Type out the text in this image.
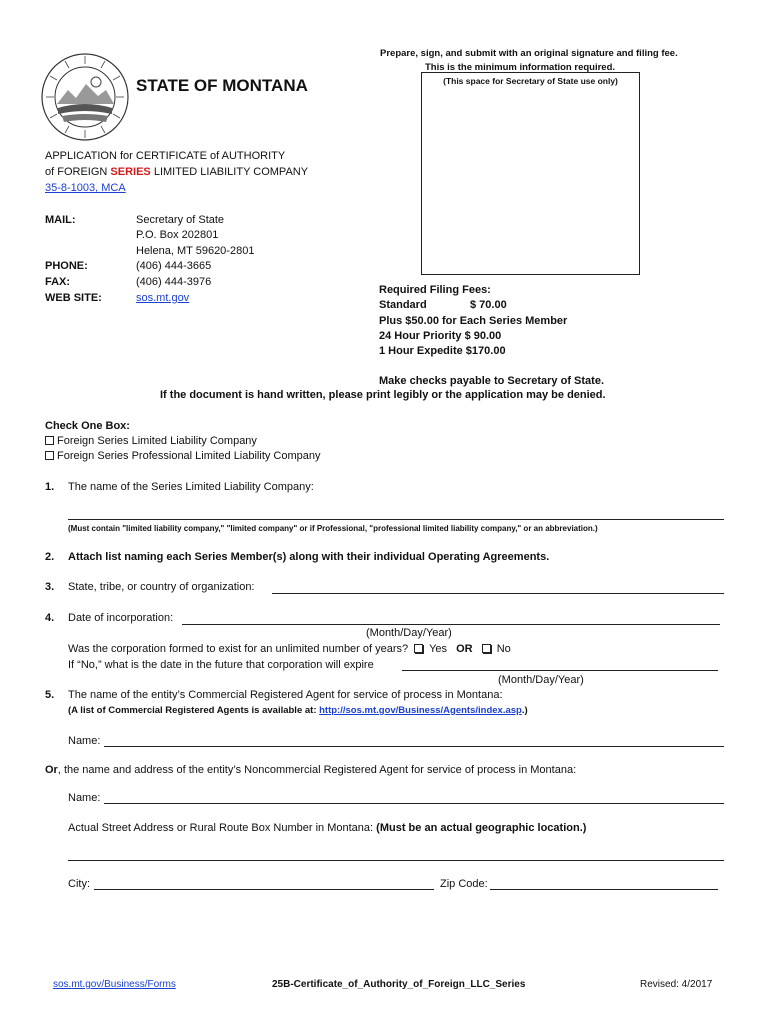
STATE OF MONTANA
Prepare, sign, and submit with an original signature and filing fee.
This is the minimum information required.
(This space for Secretary of State use only)
APPLICATION for CERTIFICATE of AUTHORITY
of FOREIGN SERIES LIMITED LIABILITY COMPANY
35-8-1003, MCA
MAIL:	Secretary of State
P.O. Box 202801
Helena, MT 59620-2801
PHONE:	(406) 444-3665
FAX:	(406) 444-3976
WEB SITE:	sos.mt.gov
Required Filing Fees:
Standard	$ 70.00
Plus $50.00 for Each Series Member
24 Hour Priority $ 90.00
1 Hour Expedite $170.00
Make checks payable to Secretary of State.
If the document is hand written, please print legibly or the application may be denied.
Check One Box:
Foreign Series Limited Liability Company
Foreign Series Professional Limited Liability Company
1. The name of the Series Limited Liability Company:
(Must contain "limited liability company," "limited company" or if Professional, "professional limited liability company," or an abbreviation.)
2. Attach list naming each Series Member(s) along with their individual Operating Agreements.
3. State, tribe, or country of organization:
4. Date of incorporation:
(Month/Day/Year)
Was the corporation formed to exist for an unlimited number of years? Yes OR No
If “No,” what is the date in the future that corporation will expire
(Month/Day/Year)
5. The name of the entity’s Commercial Registered Agent for service of process in Montana:
(A list of Commercial Registered Agents is available at: http://sos.mt.gov/Business/Agents/index.asp.)
Name:
Or, the name and address of the entity’s Noncommercial Registered Agent for service of process in Montana:
Name:
Actual Street Address or Rural Route Box Number in Montana: (Must be an actual geographic location.)
City:	Zip Code:
sos.mt.gov/Business/Forms	25B-Certificate_of_Authority_of_Foreign_LLC_Series	Revised: 4/2017
